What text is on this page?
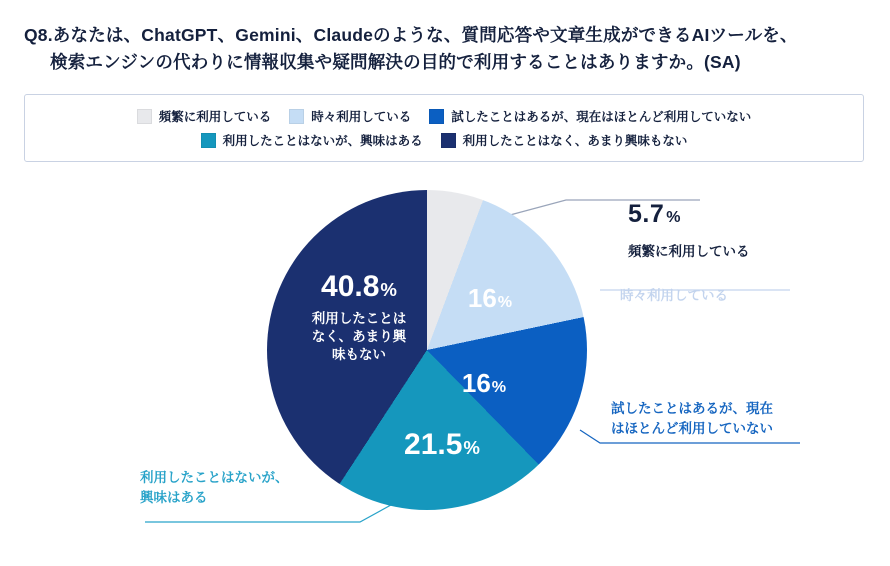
Q8.あなたは、ChatGPT、Gemini、Claudeのような、質問応答や文章生成ができるAIツールを、
検索エンジンの代わりに情報収集や疑問解決の目的で利用することはありますか。(SA)
頻繁に利用している	時々利用している	試したことはあるが、現在はほとんど利用していない
利用したことはないが、興味はある	利用したことはなく、あまり興味もない
40.8%
利用したことは
なく、あまり興
味もない
21.5%
16%
16%
5.7 %
頻繁に利用している
時々利用している
試したことはあるが、現在
はほとんど利用していない
利用したことはないが、
興味はある
